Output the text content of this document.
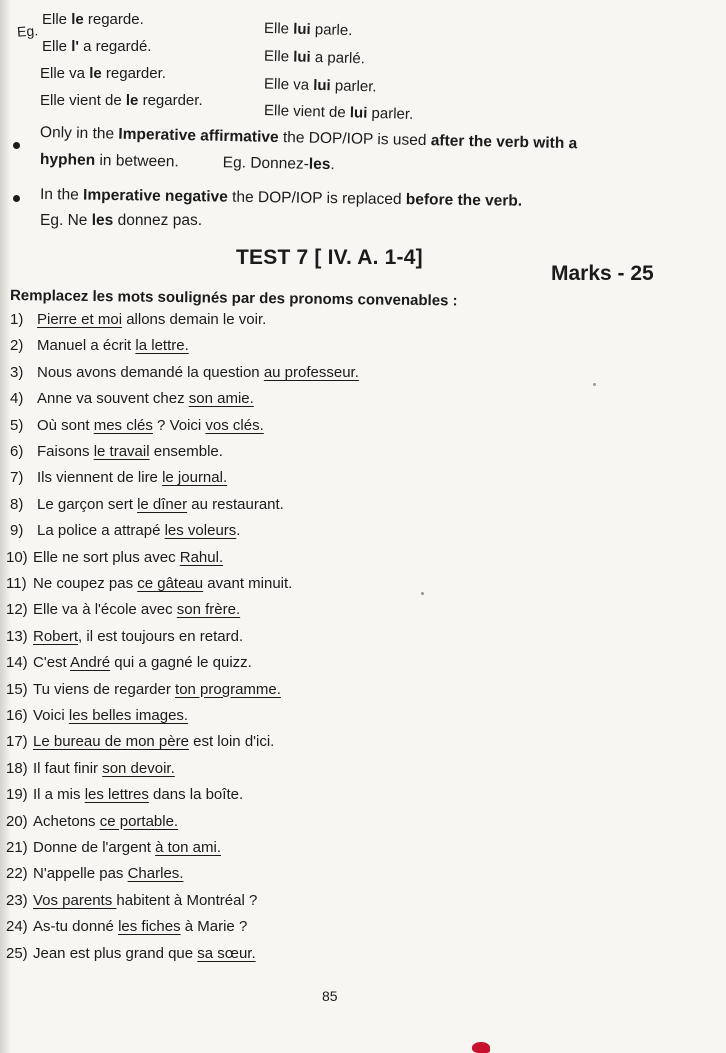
Eg.
Elle le regarde.
Elle l' a regardé.
Elle va le regarder.
Elle vient de le regarder.
Elle lui parle.
Elle lui a parlé.
Elle va lui parler.
Elle vient de lui parler.
Only in the Imperative affirmative the DOP/IOP is used after the verb with a
hyphen in between.	Eg. Donnez-les.
In the Imperative negative the DOP/IOP is replaced before the verb.
Eg. Ne les donnez pas.
TEST 7 [ IV. A. 1-4]
Marks - 25
Remplacez les mots soulignés par des pronoms convenables :
1) Pierre et moi allons demain le voir.
2) Manuel a écrit la lettre.
3) Nous avons demandé la question au professeur.
4) Anne va souvent chez son amie.
5) Où sont mes clés ? Voici vos clés.
6) Faisons le travail ensemble.
7) Ils viennent de lire le journal.
8) Le garçon sert le dîner au restaurant.
9) La police a attrapé les voleurs.
10) Elle ne sort plus avec Rahul.
11) Ne coupez pas ce gâteau avant minuit.
12) Elle va à l'école avec son frère.
13) Robert, il est toujours en retard.
14) C'est André qui a gagné le quizz.
15) Tu viens de regarder ton programme.
16) Voici les belles images.
17) Le bureau de mon père est loin d'ici.
18) Il faut finir son devoir.
19) Il a mis les lettres dans la boîte.
20) Achetons ce portable.
21) Donne de l'argent à ton ami.
22) N'appelle pas Charles.
23) Vos parents habitent à Montréal ?
24) As-tu donné les fiches à Marie ?
25) Jean est plus grand que sa sœur.
85
